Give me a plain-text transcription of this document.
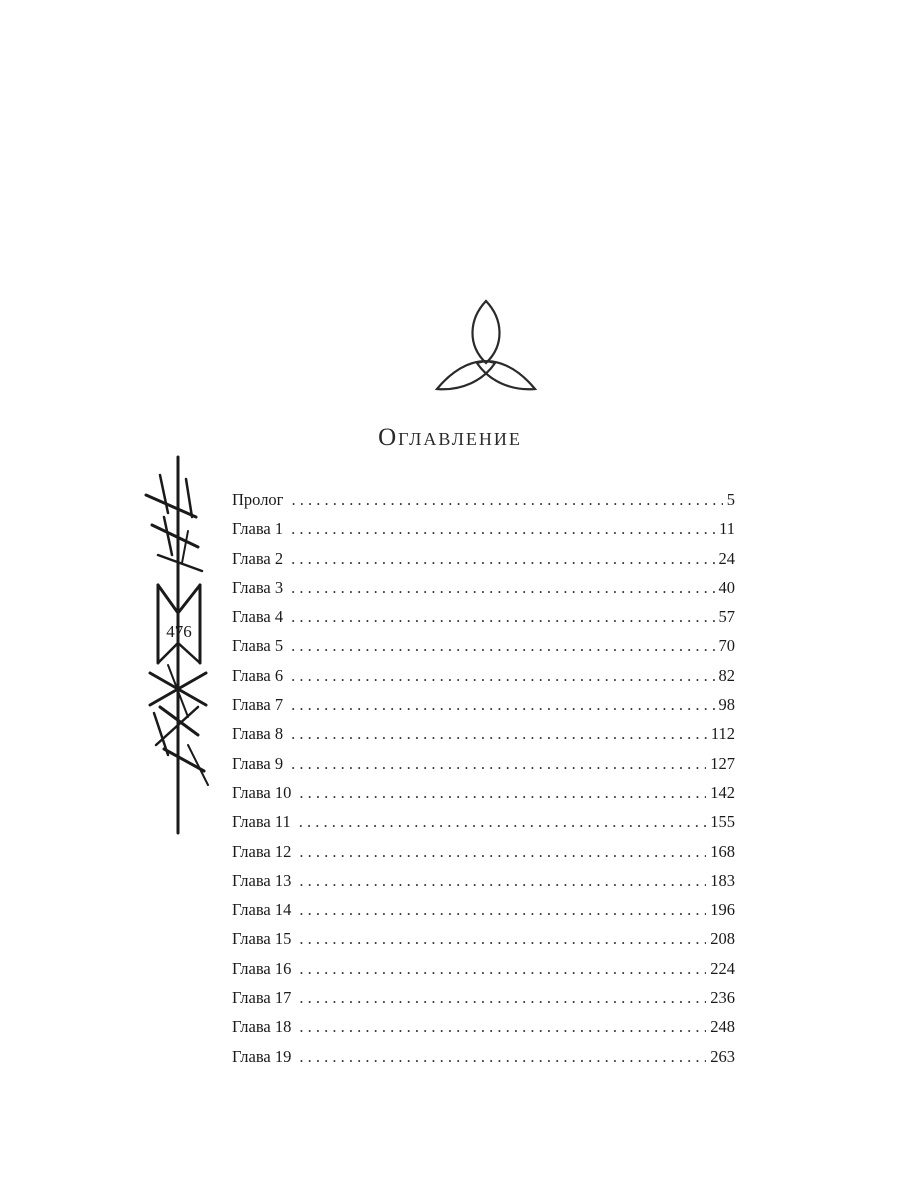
Оглавление
476
Пролог . . .	5
Глава 1 . . .	11
Глава 2 . . .	24
Глава 3 . . .	40
Глава 4 . . .	57
Глава 5 . . .	70
Глава 6 . . .	82
Глава 7 . . .	98
Глава 8 . . .	112
Глава 9 . . .	127
Глава 10 . . .	142
Глава 11 . . .	155
Глава 12 . . .	168
Глава 13 . . .	183
Глава 14 . . .	196
Глава 15 . . .	208
Глава 16 . . .	224
Глава 17 . . .	236
Глава 18 . . .	248
Глава 19 . . .	263
